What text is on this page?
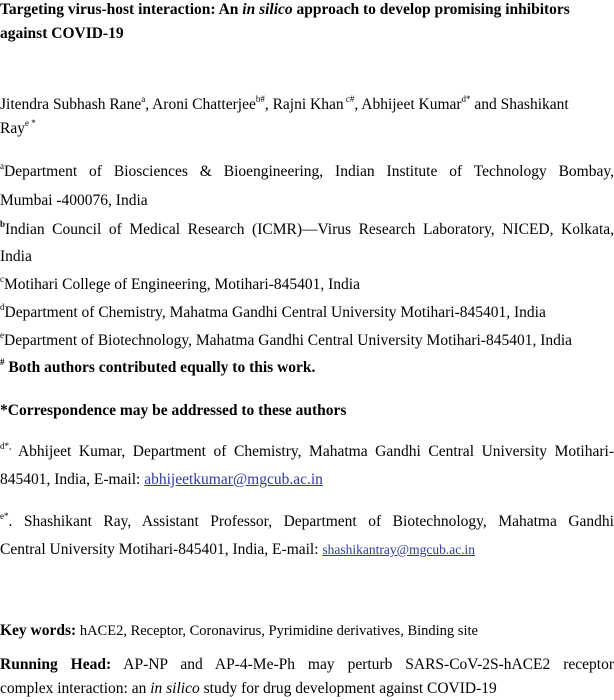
Targeting virus-host interaction: An in silico approach to develop promising inhibitors
against COVID-19
Jitendra Subhash Rane$^a$, Aroni Chatterjee$^{b\#}$, Rajni Khan $^{c\#}$, Abhijeet Kumar$^{d*}$ and Shashikant
Ray$^{e *}$
$^a$Department of Biosciences & Bioengineering, Indian Institute of Technology Bombay,
Mumbai -400076, India
$^b$Indian Council of Medical Research (ICMR)—Virus Research Laboratory, NICED, Kolkata,
India
$^c$Motihari College of Engineering, Motihari-845401, India
$^d$Department of Chemistry, Mahatma Gandhi Central University Motihari-845401, India
$^e$Department of Biotechnology, Mahatma Gandhi Central University Motihari-845401, India
# Both authors contributed equally to this work.
*Correspondence may be addressed to these authors
$^{d*,}$ Abhijeet Kumar, Department of Chemistry, Mahatma Gandhi Central University Motihari-
845401, India, E-mail: abhijeetkumar@mgcub.ac.in
$^{e*}$. Shashikant Ray, Assistant Professor, Department of Biotechnology, Mahatma Gandhi
Central University Motihari-845401, India, E-mail: shashikantray@mgcub.ac.in
Key words: hACE2, Receptor, Coronavirus, Pyrimidine derivatives, Binding site
Running Head: AP-NP and AP-4-Me-Ph may perturb SARS-CoV-2S-hACE2 receptor
complex interaction: an in silico study for drug development against COVID-19
